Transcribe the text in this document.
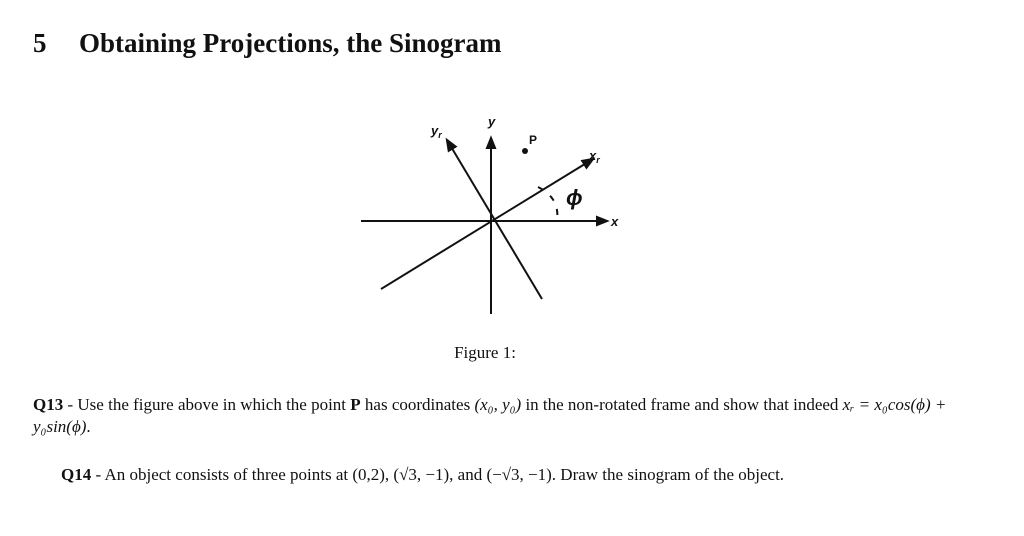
5 Obtaining Projections, the Sinogram
y
$y_r$	P
$x_r$
x
ϕ
Figure 1:

Q13 - Use the figure above in which the point P has coordinates (x₀, y₀) in the non-rotated frame and show that indeed xᵣ = x₀cos(ϕ) + y₀sin(ϕ).

Q14 - An object consists of three points at (0,2), (√3, −1), and (−√3, −1). Draw the sinogram of the object.
